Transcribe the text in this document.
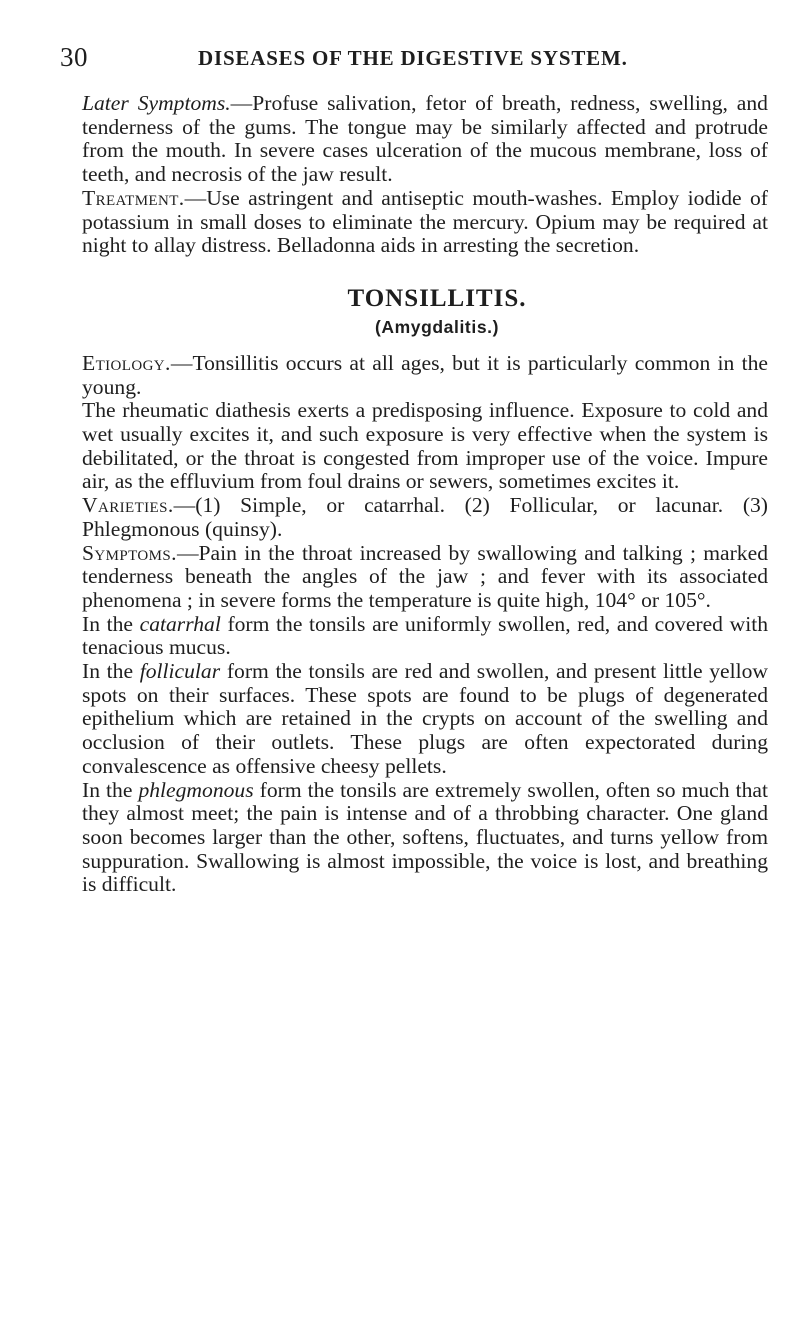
30	DISEASES OF THE DIGESTIVE SYSTEM.

Later Symptoms.—Profuse salivation, fetor of breath, redness, swelling, and tenderness of the gums. The tongue may be similarly affected and protrude from the mouth. In severe cases ulceration of the mucous membrane, loss of teeth, and necrosis of the jaw result.

Treatment.—Use astringent and antiseptic mouth-washes. Employ iodide of potassium in small doses to eliminate the mercury. Opium may be required at night to allay distress. Belladonna aids in arresting the secretion.

TONSILLITIS.
(Amygdalitis.)

Etiology.—Tonsillitis occurs at all ages, but it is particularly common in the young.

The rheumatic diathesis exerts a predisposing influence. Exposure to cold and wet usually excites it, and such exposure is very effective when the system is debilitated, or the throat is congested from improper use of the voice. Impure air, as the effluvium from foul drains or sewers, sometimes excites it.

Varieties.—(1) Simple, or catarrhal. (2) Follicular, or lacunar. (3) Phlegmonous (quinsy).

Symptoms.—Pain in the throat increased by swallowing and talking ; marked tenderness beneath the angles of the jaw ; and fever with its associated phenomena ; in severe forms the temperature is quite high, 104° or 105°.

In the catarrhal form the tonsils are uniformly swollen, red, and covered with tenacious mucus.

In the follicular form the tonsils are red and swollen, and present little yellow spots on their surfaces. These spots are found to be plugs of degenerated epithelium which are retained in the crypts on account of the swelling and occlusion of their outlets. These plugs are often expectorated during convalescence as offensive cheesy pellets.

In the phlegmonous form the tonsils are extremely swollen, often so much that they almost meet; the pain is intense and of a throbbing character. One gland soon becomes larger than the other, softens, fluctuates, and turns yellow from suppuration. Swallowing is almost impossible, the voice is lost, and breathing is difficult.
